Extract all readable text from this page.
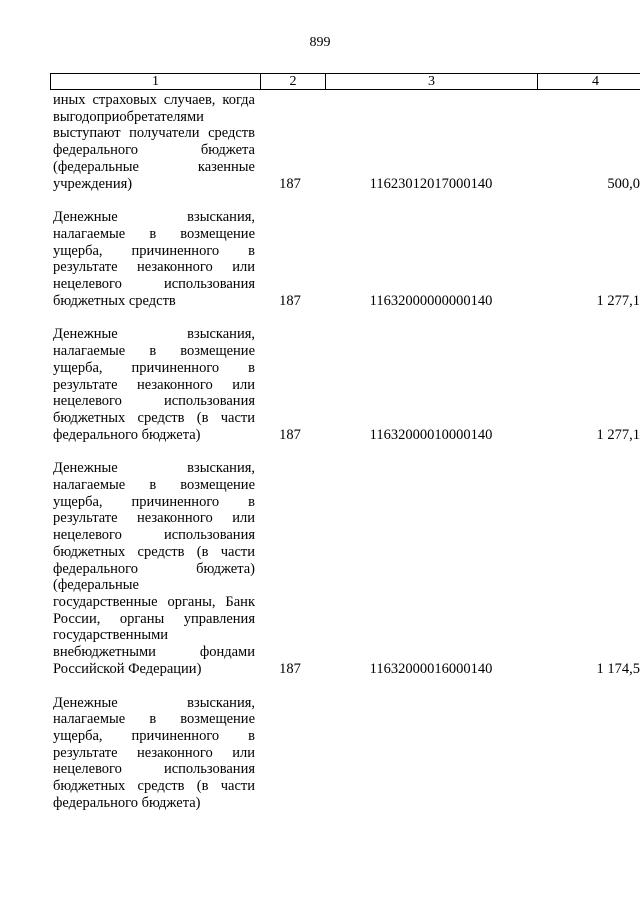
899
1	2	3	4
иных страховых случаев, когда
выгодоприобретателями
выступают получатели средств
федерального бюджета
(федеральные казенные
учреждения)	187	11623012017000140	500,0
Денежные взыскания,
налагаемые в возмещение
ущерба, причиненного в
результате незаконного или
нецелевого использования
бюджетных средств	187	11632000000000140	1 277,1
Денежные взыскания,
налагаемые в возмещение
ущерба, причиненного в
результате незаконного или
нецелевого использования
бюджетных средств (в части
федерального бюджета)	187	11632000010000140	1 277,1
Денежные взыскания,
налагаемые в возмещение
ущерба, причиненного в
результате незаконного или
нецелевого использования
бюджетных средств (в части
федерального бюджета)
(федеральные
государственные органы, Банк
России, органы управления
государственными
внебюджетными фондами
Российской Федерации)	187	11632000016000140	1 174,5
Денежные взыскания,
налагаемые в возмещение
ущерба, причиненного в
результате незаконного или
нецелевого использования
бюджетных средств (в части
федерального бюджета)
